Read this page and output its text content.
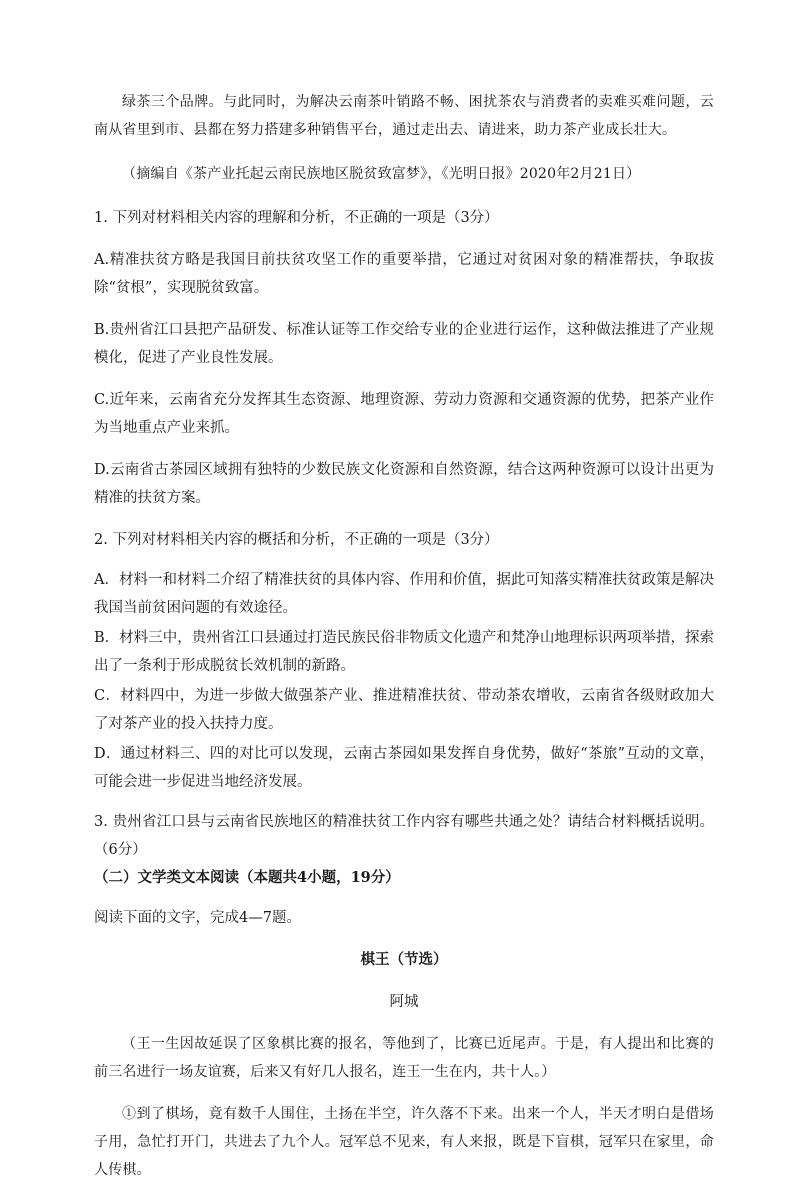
绿茶三个品牌。与此同时，为解决云南茶叶销路不畅、困扰茶农与消费者的卖难买难问题，云南从省里到市、县都在努力搭建多种销售平台，通过走出去、请进来，助力茶产业成长壮大。

（摘编自《茶产业托起云南民族地区脱贫致富梦》，《光明日报》2020年2月21日）

1. 下列对材料相关内容的理解和分析，不正确的一项是（3分）

A.精准扶贫方略是我国目前扶贫攻坚工作的重要举措，它通过对贫困对象的精准帮扶，争取拔除“贫根”，实现脱贫致富。

B.贵州省江口县把产品研发、标准认证等工作交给专业的企业进行运作，这种做法推进了产业规模化，促进了产业良性发展。

C.近年来，云南省充分发挥其生态资源、地理资源、劳动力资源和交通资源的优势，把茶产业作为当地重点产业来抓。

D.云南省古茶园区域拥有独特的少数民族文化资源和自然资源，结合这两种资源可以设计出更为精准的扶贫方案。

2. 下列对材料相关内容的概括和分析，不正确的一项是（3分）

A．材料一和材料二介绍了精准扶贫的具体内容、作用和价值，据此可知落实精准扶贫政策是解决我国当前贫困问题的有效途径。

B．材料三中，贵州省江口县通过打造民族民俗非物质文化遗产和梵净山地理标识两项举措，探索出了一条利于形成脱贫长效机制的新路。

C．材料四中，为进一步做大做强茶产业、推进精准扶贫、带动茶农增收，云南省各级财政加大了对茶产业的投入扶持力度。

D．通过材料三、四的对比可以发现，云南古茶园如果发挥自身优势，做好“茶旅”互动的文章，可能会进一步促进当地经济发展。

3. 贵州省江口县与云南省民族地区的精准扶贫工作内容有哪些共通之处？请结合材料概括说明。（6分）

（二）文学类文本阅读（本题共4小题，19分）

阅读下面的文字，完成4—7题。

棋王（节选）

阿城

（王一生因故延误了区象棋比赛的报名，等他到了，比赛已近尾声。于是，有人提出和比赛的前三名进行一场友谊赛，后来又有好几人报名，连王一生在内，共十人。）

①到了棋场，竟有数千人围住，土扬在半空，许久落不下来。出来一个人，半天才明白是借场子用，急忙打开门，共进去了九个人。冠军总不见来，有人来报，既是下盲棋，冠军只在家里，命人传棋。
